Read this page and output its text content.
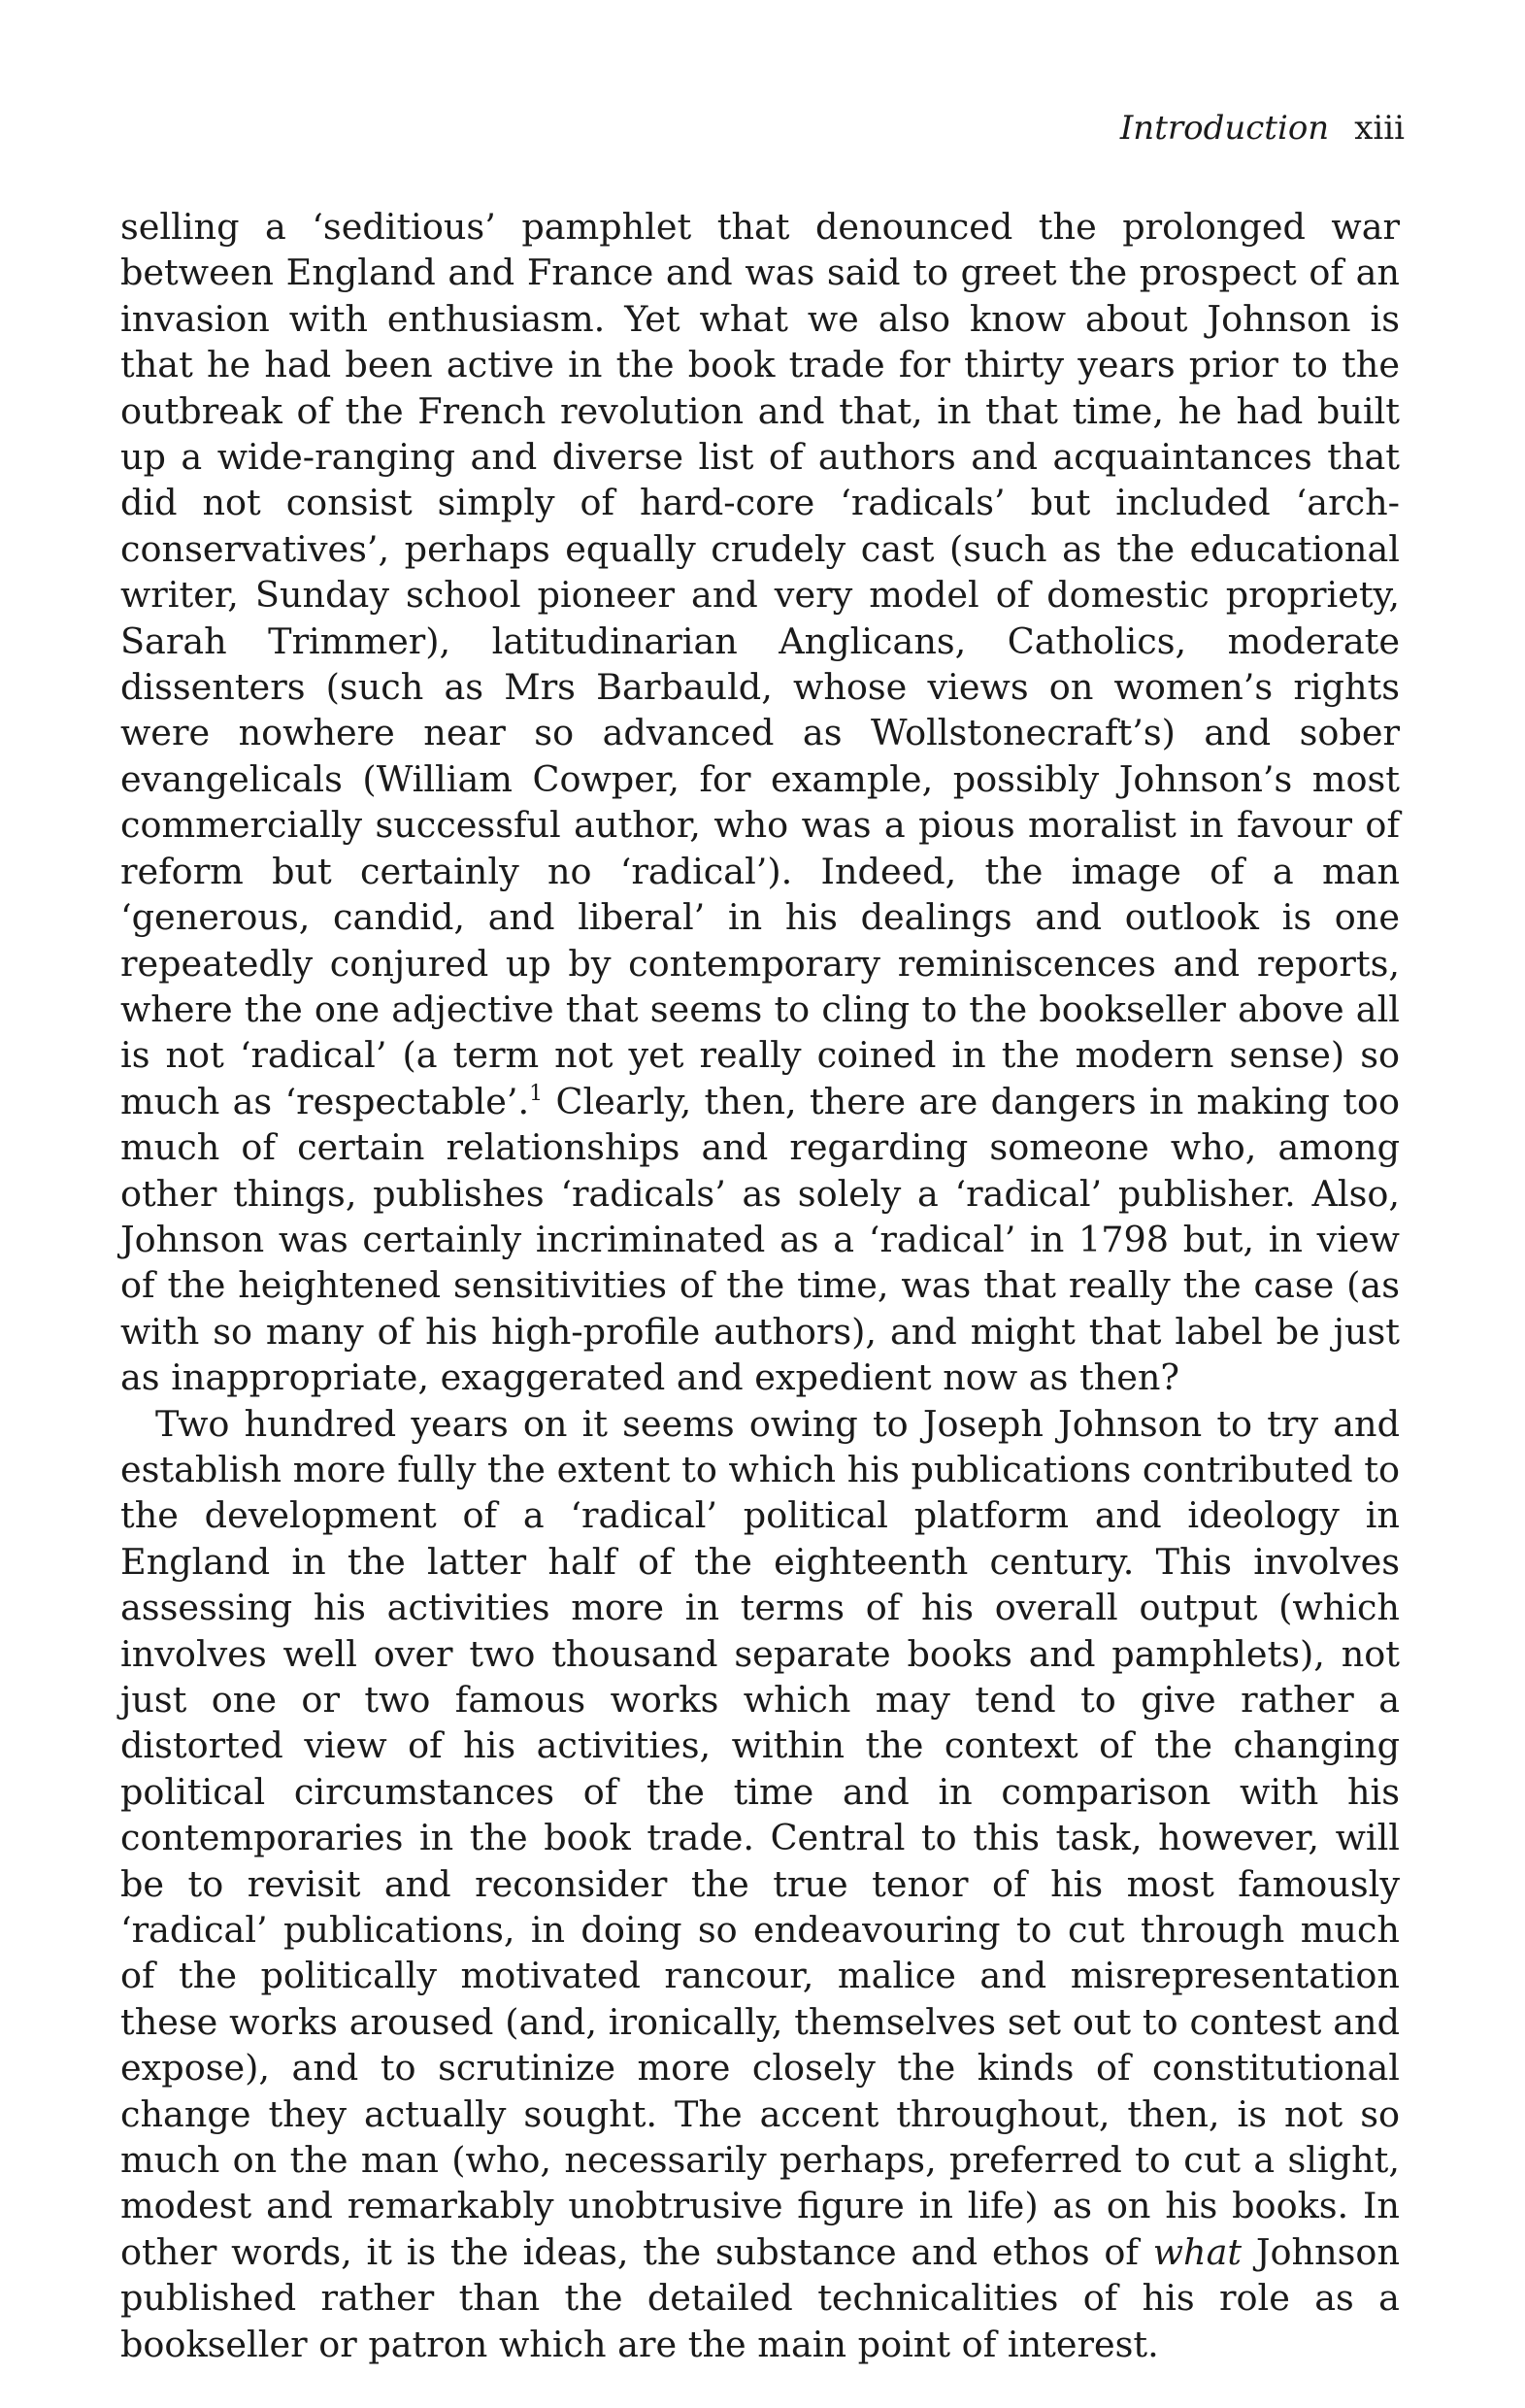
Introduction xiii

selling a ‘seditious’ pamphlet that denounced the prolonged war between England and France and was said to greet the prospect of an invasion with enthusiasm. Yet what we also know about Johnson is that he had been active in the book trade for thirty years prior to the outbreak of the French revolution and that, in that time, he had built up a wide-ranging and diverse list of authors and acquaintances that did not consist simply of hard-core ‘radicals’ but included ‘arch-conservatives’, perhaps equally crudely cast (such as the educational writer, Sunday school pioneer and very model of domestic propriety, Sarah Trimmer), latitudinarian Anglicans, Catholics, moderate dissenters (such as Mrs Barbauld, whose views on women’s rights were nowhere near so advanced as Wollstonecraft’s) and sober evangelicals (William Cowper, for example, possibly Johnson’s most commercially successful author, who was a pious moralist in favour of reform but certainly no ‘radical’). Indeed, the image of a man ‘generous, candid, and liberal’ in his dealings and outlook is one repeatedly conjured up by contemporary reminiscences and reports, where the one adjective that seems to cling to the bookseller above all is not ‘radical’ (a term not yet really coined in the modern sense) so much as ‘respectable’.$^1$ Clearly, then, there are dangers in making too much of certain relationships and regarding someone who, among other things, publishes ‘radicals’ as solely a ‘radical’ publisher. Also, Johnson was certainly incriminated as a ‘radical’ in 1798 but, in view of the heightened sensitivities of the time, was that really the case (as with so many of his high-profile authors), and might that label be just as inappropriate, exaggerated and expedient now as then?

Two hundred years on it seems owing to Joseph Johnson to try and establish more fully the extent to which his publications contributed to the development of a ‘radical’ political platform and ideology in England in the latter half of the eighteenth century. This involves assessing his activities more in terms of his overall output (which involves well over two thousand separate books and pamphlets), not just one or two famous works which may tend to give rather a distorted view of his activities, within the context of the changing political circumstances of the time and in comparison with his contemporaries in the book trade. Central to this task, however, will be to revisit and reconsider the true tenor of his most famously ‘radical’ publications, in doing so endeavouring to cut through much of the politically motivated rancour, malice and misrepresentation these works aroused (and, ironically, themselves set out to contest and expose), and to scrutinize more closely the kinds of constitutional change they actually sought. The accent throughout, then, is not so much on the man (who, necessarily perhaps, preferred to cut a slight, modest and remarkably unobtrusive figure in life) as on his books. In other words, it is the ideas, the substance and ethos of what Johnson published rather than the detailed technicalities of his role as a bookseller or patron which are the main point of interest.
